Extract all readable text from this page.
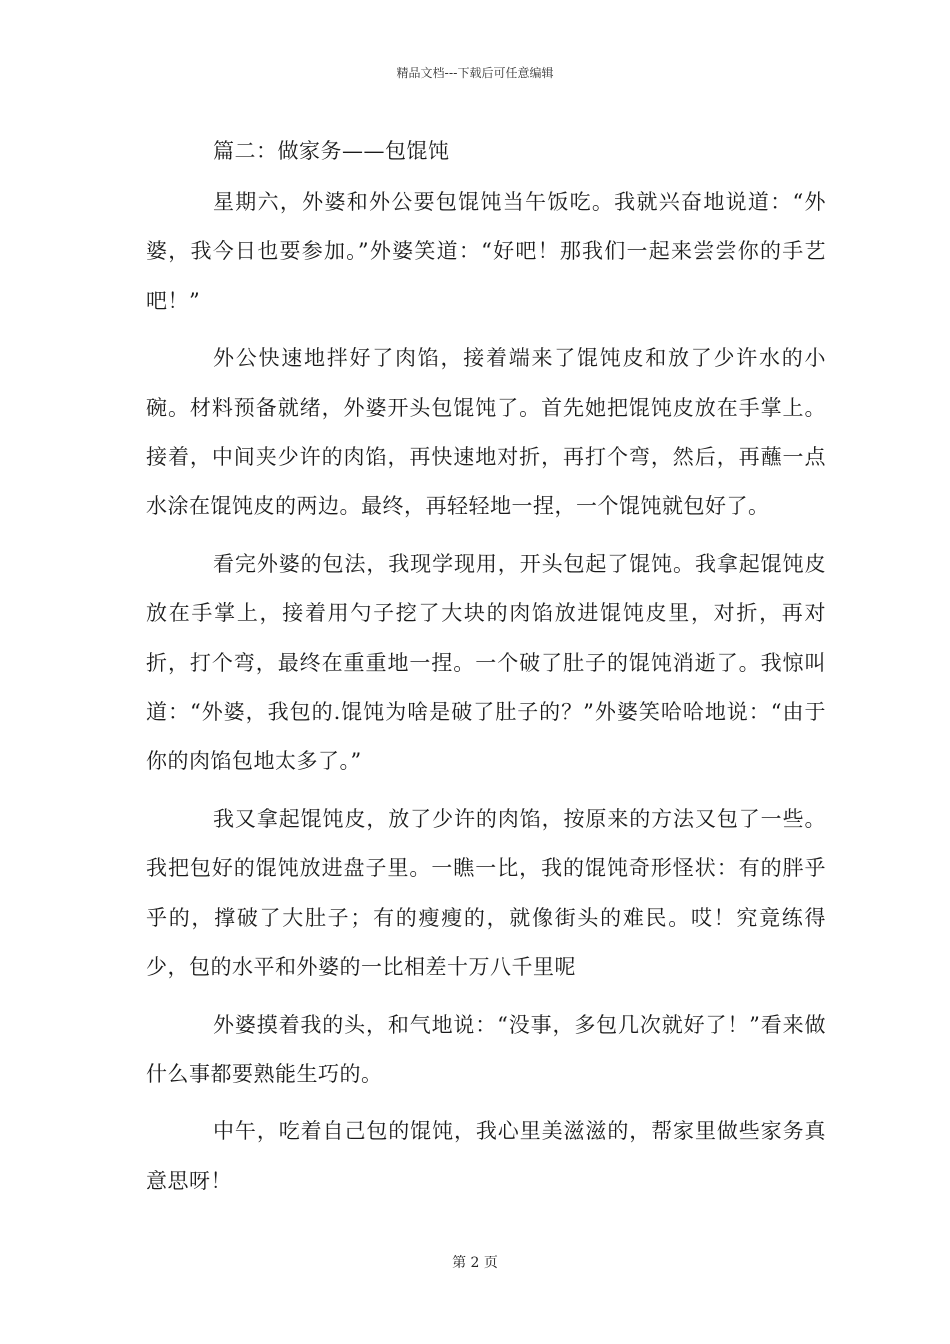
精品文档---下载后可任意编辑
篇二：做家务——包馄饨

星期六，外婆和外公要包馄饨当午饭吃。我就兴奋地说道：“外婆，我今日也要参加。”外婆笑道：“好吧！那我们一起来尝尝你的手艺吧！”

外公快速地拌好了肉馅，接着端来了馄饨皮和放了少许水的小碗。材料预备就绪，外婆开头包馄饨了。首先她把馄饨皮放在手掌上。接着，中间夹少许的肉馅，再快速地对折，再打个弯，然后，再蘸一点水涂在馄饨皮的两边。最终，再轻轻地一捏，一个馄饨就包好了。

看完外婆的包法，我现学现用，开头包起了馄饨。我拿起馄饨皮放在手掌上，接着用勺子挖了大块的肉馅放进馄饨皮里，对折，再对折，打个弯，最终在重重地一捏。一个破了肚子的馄饨消逝了。我惊叫道：“外婆，我包的.馄饨为啥是破了肚子的？”外婆笑哈哈地说：“由于你的肉馅包地太多了。”

我又拿起馄饨皮，放了少许的肉馅，按原来的方法又包了一些。我把包好的馄饨放进盘子里。一瞧一比，我的馄饨奇形怪状：有的胖乎乎的，撑破了大肚子；有的瘦瘦的，就像街头的难民。哎！究竟练得少，包的水平和外婆的一比相差十万八千里呢

外婆摸着我的头，和气地说：“没事，多包几次就好了！”看来做什么事都要熟能生巧的。

中午，吃着自己包的馄饨，我心里美滋滋的，帮家里做些家务真意思呀！

第 2 页
